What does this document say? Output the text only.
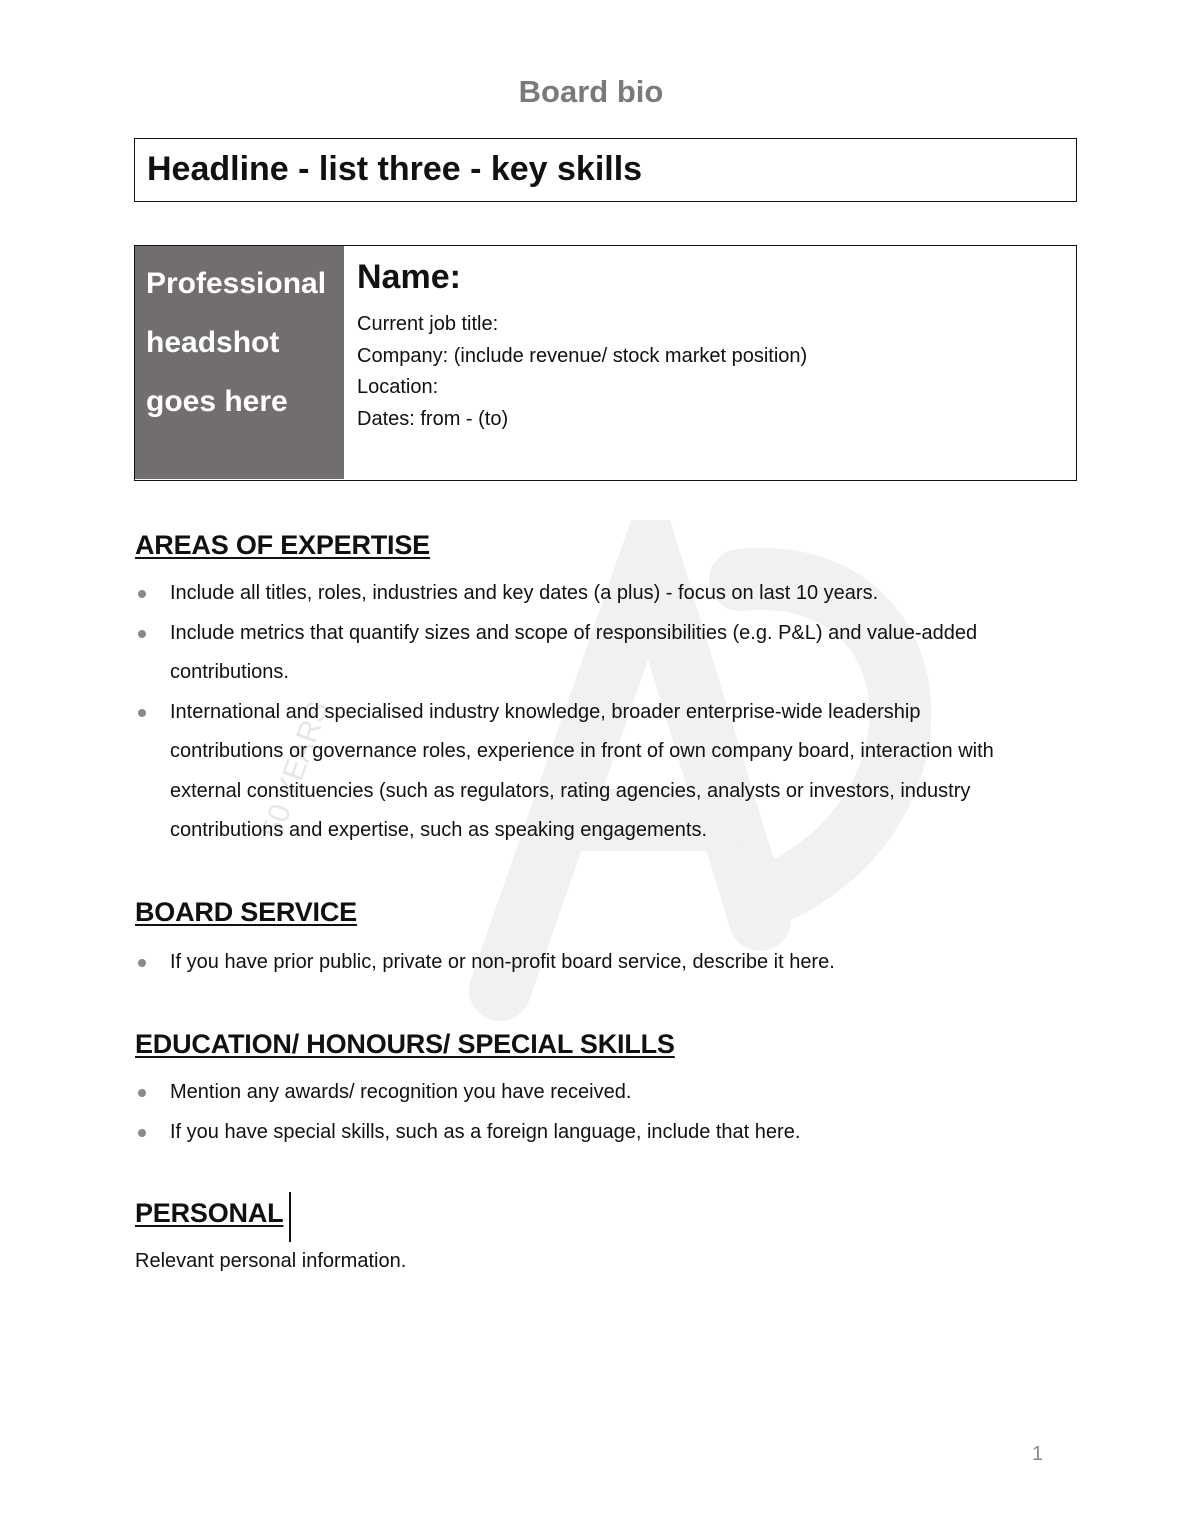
50 YEARS
Board bio
Headline - list three - key skills
Professional headshot goes here
Name:
Current job title:
Company: (include revenue/ stock market position)
Location:
Dates: from - (to)
AREAS OF EXPERTISE
Include all titles, roles, industries and key dates (a plus) - focus on last 10 years.
Include metrics that quantify sizes and scope of responsibilities (e.g. P&L) and value-added contributions.
International and specialised industry knowledge, broader enterprise-wide leadership contributions or governance roles, experience in front of own company board, interaction with external constituencies (such as regulators, rating agencies, analysts or investors, industry contributions and expertise, such as speaking engagements.
BOARD SERVICE
If you have prior public, private or non-profit board service, describe it here.
EDUCATION/ HONOURS/ SPECIAL SKILLS
Mention any awards/ recognition you have received.
If you have special skills, such as a foreign language, include that here.
PERSONAL
Relevant personal information.
1
